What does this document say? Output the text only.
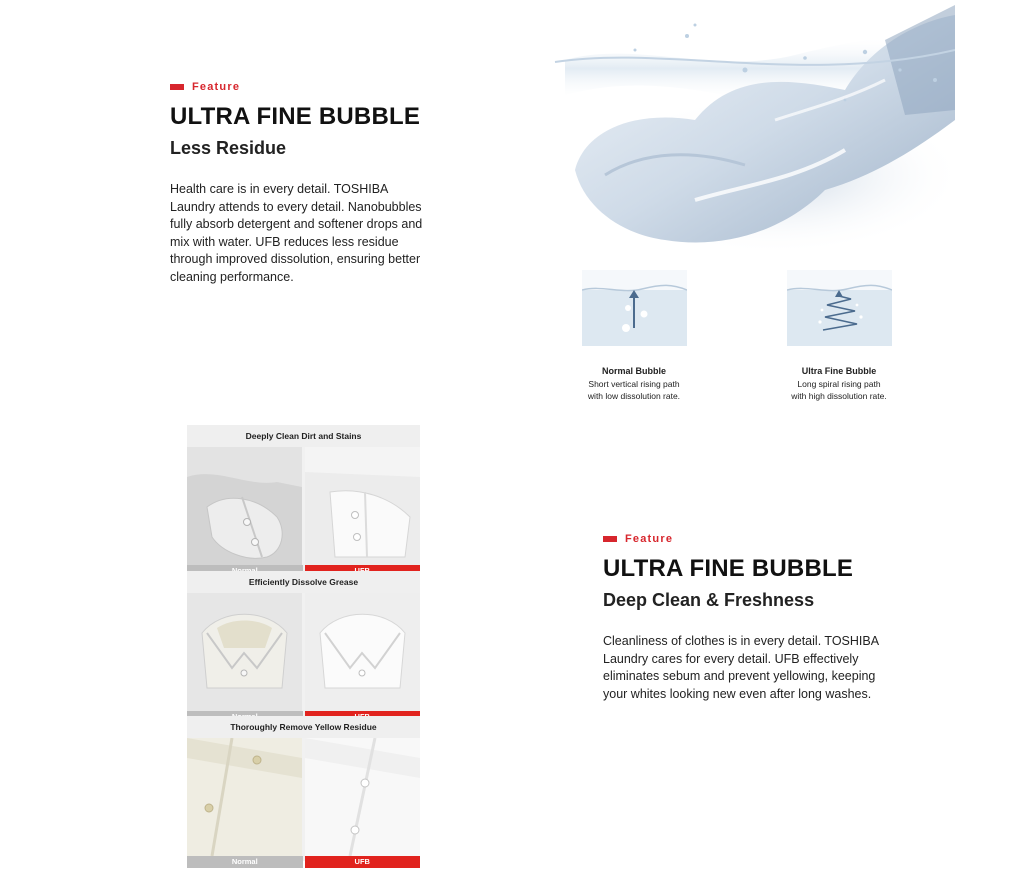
Feature
ULTRA FINE BUBBLE
Less Residue

Health care is in every detail. TOSHIBA Laundry attends to every detail. Nanobubbles fully absorb detergent and softener drops and mix with water. UFB reduces less residue through improved dissolution, ensuring better cleaning performance.

Normal Bubble
Short vertical rising path
with low dissolution rate.
Ultra Fine Bubble
Long spiral rising path
with high dissolution rate.
Deeply Clean Dirt and Stains
Efficiently Dissolve Grease
Thoroughly Remove Yellow Residue
Normal	UFB
Feature
ULTRA FINE BUBBLE
Deep Clean & Freshness

Cleanliness of clothes is in every detail. TOSHIBA Laundry cares for every detail. UFB effectively eliminates sebum and prevent yellowing, keeping your whites looking new even after long washes.
